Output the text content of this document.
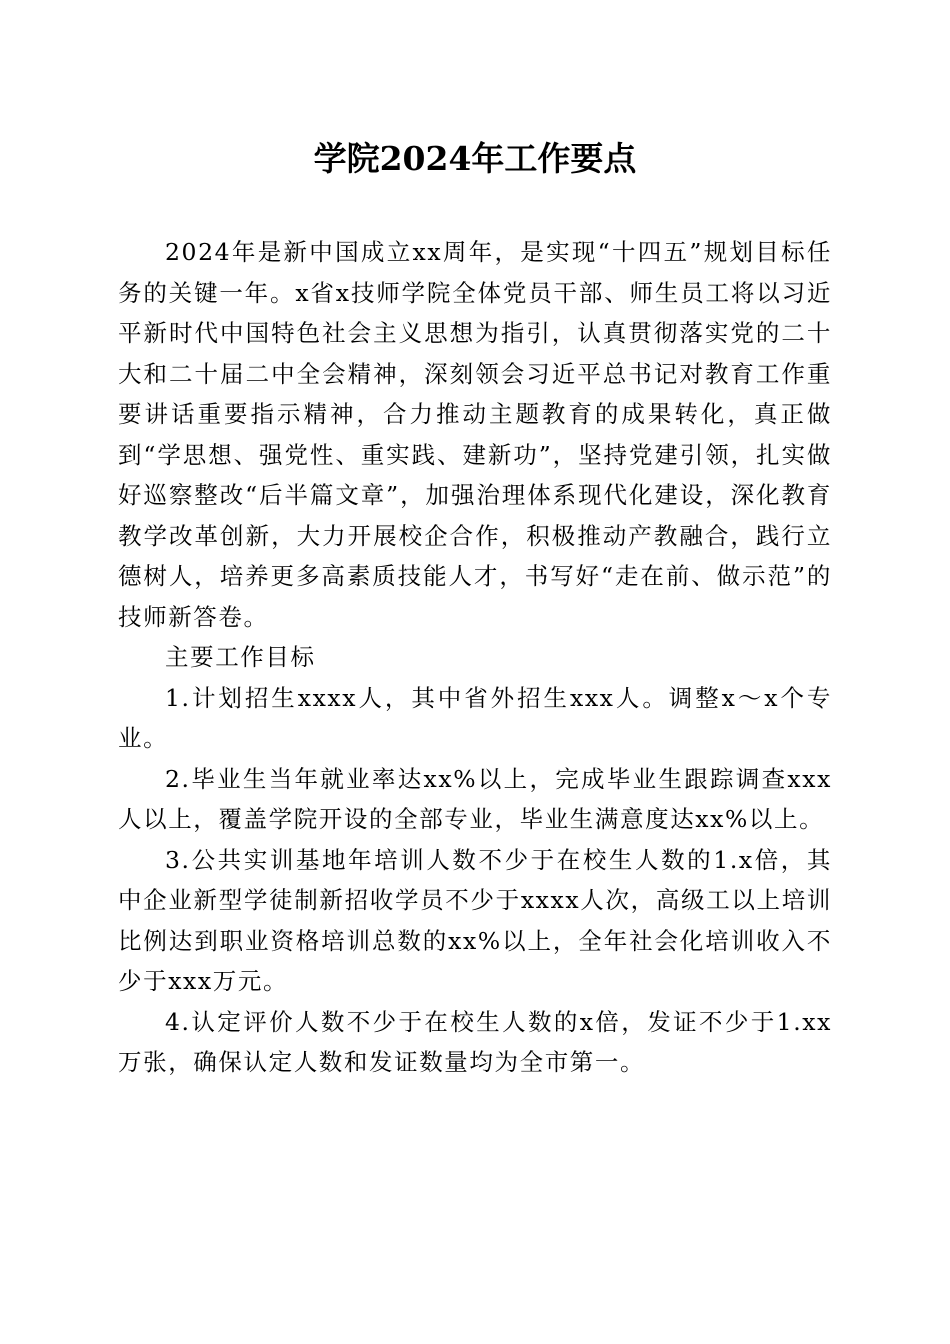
学院2024年工作要点

2024年是新中国成立xx周年，是实现“十四五”规划目标任务的关键一年。x省x技师学院全体党员干部、师生员工将以习近平新时代中国特色社会主义思想为指引，认真贯彻落实党的二十大和二十届二中全会精神，深刻领会习近平总书记对教育工作重要讲话重要指示精神，合力推动主题教育的成果转化，真正做到“学思想、强党性、重实践、建新功”，坚持党建引领，扎实做好巡察整改“后半篇文章”，加强治理体系现代化建设，深化教育教学改革创新，大力开展校企合作，积极推动产教融合，践行立德树人，培养更多高素质技能人才，书写好“走在前、做示范”的技师新答卷。

主要工作目标

1.计划招生xxxx人，其中省外招生xxx人。调整x～x个专业。

2.毕业生当年就业率达xx%以上，完成毕业生跟踪调查xxx人以上，覆盖学院开设的全部专业，毕业生满意度达xx%以上。

3.公共实训基地年培训人数不少于在校生人数的1.x倍，其中企业新型学徒制新招收学员不少于xxxx人次，高级工以上培训比例达到职业资格培训总数的xx%以上，全年社会化培训收入不少于xxx万元。

4.认定评价人数不少于在校生人数的x倍，发证不少于1.xx万张，确保认定人数和发证数量均为全市第一。
